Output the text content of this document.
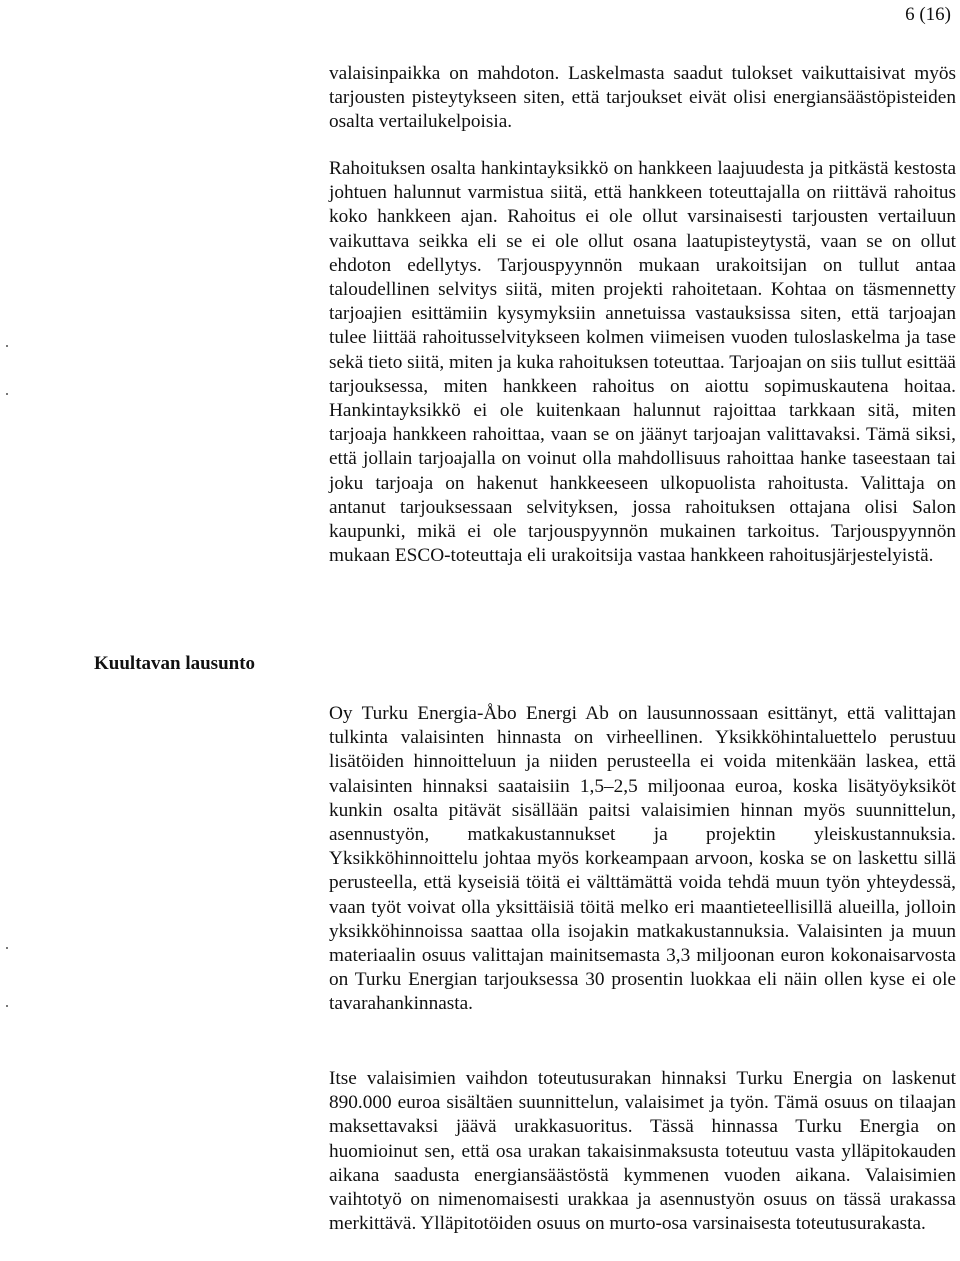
6 (16)

valaisinpaikka on mahdoton. Laskelmasta saadut tulokset vaikuttaisivat myös tarjousten pisteytykseen siten, että tarjoukset eivät olisi energiansäästöpisteiden osalta vertailukelpoisia.

Rahoituksen osalta hankintayksikkö on hankkeen laajuudesta ja pitkästä kestosta johtuen halunnut varmistua siitä, että hankkeen toteuttajalla on riittävä rahoitus koko hankkeen ajan. Rahoitus ei ole ollut varsinaisesti tarjousten vertailuun vaikuttava seikka eli se ei ole ollut osana laatupisteytystä, vaan se on ollut ehdoton edellytys. Tarjouspyynnön mukaan urakoitsijan on tullut antaa taloudellinen selvitys siitä, miten projekti rahoitetaan. Kohtaa on täsmennetty tarjoajien esittämiin kysymyksiin annetuissa vastauksissa siten, että tarjoajan tulee liittää rahoitusselvitykseen kolmen viimeisen vuoden tuloslaskelma ja tase sekä tieto siitä, miten ja kuka rahoituksen toteuttaa. Tarjoajan on siis tullut esittää tarjouksessa, miten hankkeen rahoitus on aiottu sopimuskautena hoitaa. Hankintayksikkö ei ole kuitenkaan halunnut rajoittaa tarkkaan sitä, miten tarjoaja hankkeen rahoittaa, vaan se on jäänyt tarjoajan valittavaksi. Tämä siksi, että jollain tarjoajalla on voinut olla mahdollisuus rahoittaa hanke taseestaan tai joku tarjoaja on hakenut hankkeeseen ulkopuolista rahoitusta. Valittaja on antanut tarjouksessaan selvityksen, jossa rahoituksen ottajana olisi Salon kaupunki, mikä ei ole tarjouspyynnön mukainen tarkoitus. Tarjouspyynnön mukaan ESCO-toteuttaja eli urakoitsija vastaa hankkeen rahoitusjärjestelyistä.

Kuultavan lausunto

Oy Turku Energia-Åbo Energi Ab on lausunnossaan esittänyt, että valittajan tulkinta valaisinten hinnasta on virheellinen. Yksikköhintaluettelo perustuu lisätöiden hinnoitteluun ja niiden perusteella ei voida mitenkään laskea, että valaisinten hinnaksi saataisiin 1,5–2,5 miljoonaa euroa, koska lisätyöyksiköt kunkin osalta pitävät sisällään paitsi valaisimien hinnan myös suunnittelun, asennustyön, matkakustannukset ja projektin yleiskustannuksia. Yksikköhinnoittelu johtaa myös korkeampaan arvoon, koska se on laskettu sillä perusteella, että kyseisiä töitä ei välttämättä voida tehdä muun työn yhteydessä, vaan työt voivat olla yksittäisiä töitä melko eri maantieteellisillä alueilla, jolloin yksikköhinnoissa saattaa olla isojakin matkakustannuksia. Valaisinten ja muun materiaalin osuus valittajan mainitsemasta 3,3 miljoonan euron kokonaisarvosta on Turku Energian tarjouksessa 30 prosentin luokkaa eli näin ollen kyse ei ole tavarahankinnasta.

Itse valaisimien vaihdon toteutusurakan hinnaksi Turku Energia on laskenut 890.000 euroa sisältäen suunnittelun, valaisimet ja työn. Tämä osuus on tilaajan maksettavaksi jäävä urakkasuoritus. Tässä hinnassa Turku Energia on huomioinut sen, että osa urakan takaisinmaksusta toteutuu vasta ylläpitokauden aikana saadusta energiansäästöstä kymmenen vuoden aikana. Valaisimien vaihtotyö on nimenomaisesti urakkaa ja asennustyön osuus on tässä urakassa merkittävä. Ylläpitotöiden osuus on murto-osa varsinaisesta toteutusurakasta.
